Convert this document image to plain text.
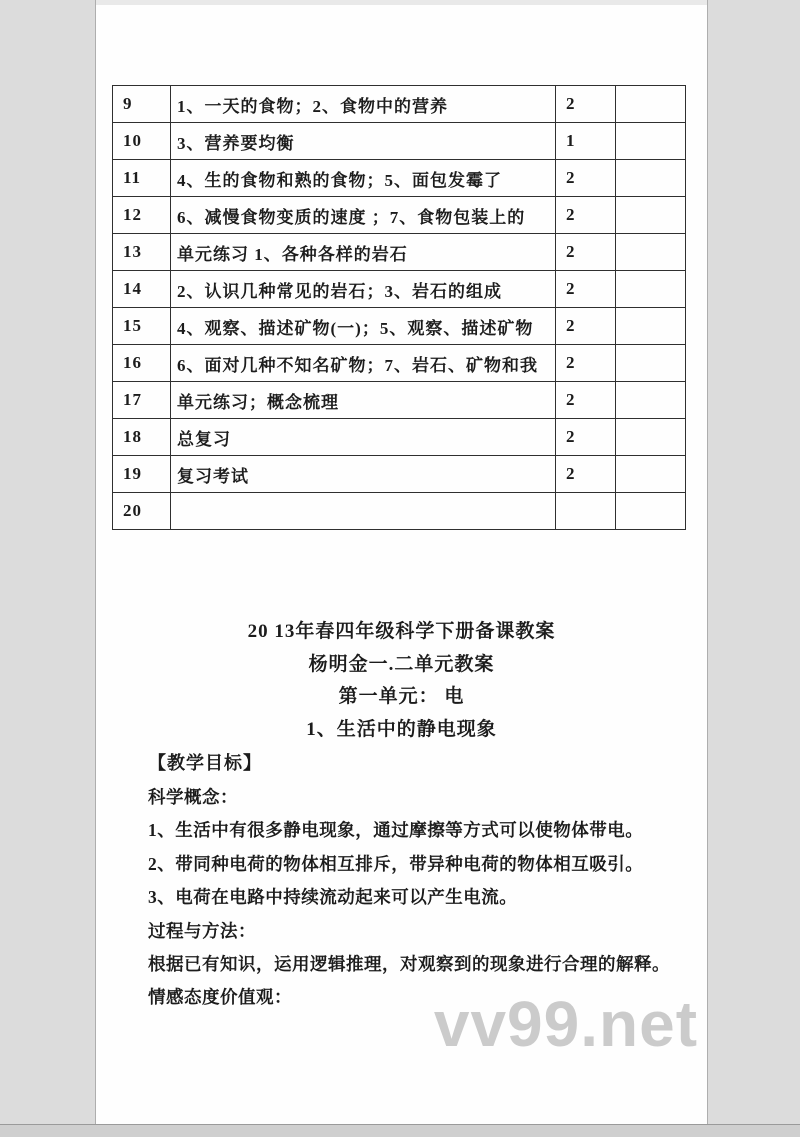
9	1、一天的食物；2、食物中的营养	2	
10	3、营养要均衡	1	
11	4、生的食物和熟的食物；5、面包发霉了	2	
12	6、减慢食物变质的速度 ；7、食物包装上的	2	
13	单元练习 1、各种各样的岩石	2	
14	2、认识几种常见的岩石；3、岩石的组成	2	
15	4、观察、描述矿物(一)；5、观察、描述矿物	2	
16	6、面对几种不知名矿物；7、岩石、矿物和我	2	
17	单元练习；概念梳理	2	
18	总复习	2	
19	复习考试	2	
20			
20 13年春四年级科学下册备课教案
杨明金一.二单元教案
第一单元： 电
1、生活中的静电现象
【教学目标】
科学概念：
1、生活中有很多静电现象，通过摩擦等方式可以使物体带电。
2、带同种电荷的物体相互排斥，带异种电荷的物体相互吸引。
3、电荷在电路中持续流动起来可以产生电流。
过程与方法：
根据已有知识，运用逻辑推理，对观察到的现象进行合理的解释。
情感态度价值观：	vv99.net
